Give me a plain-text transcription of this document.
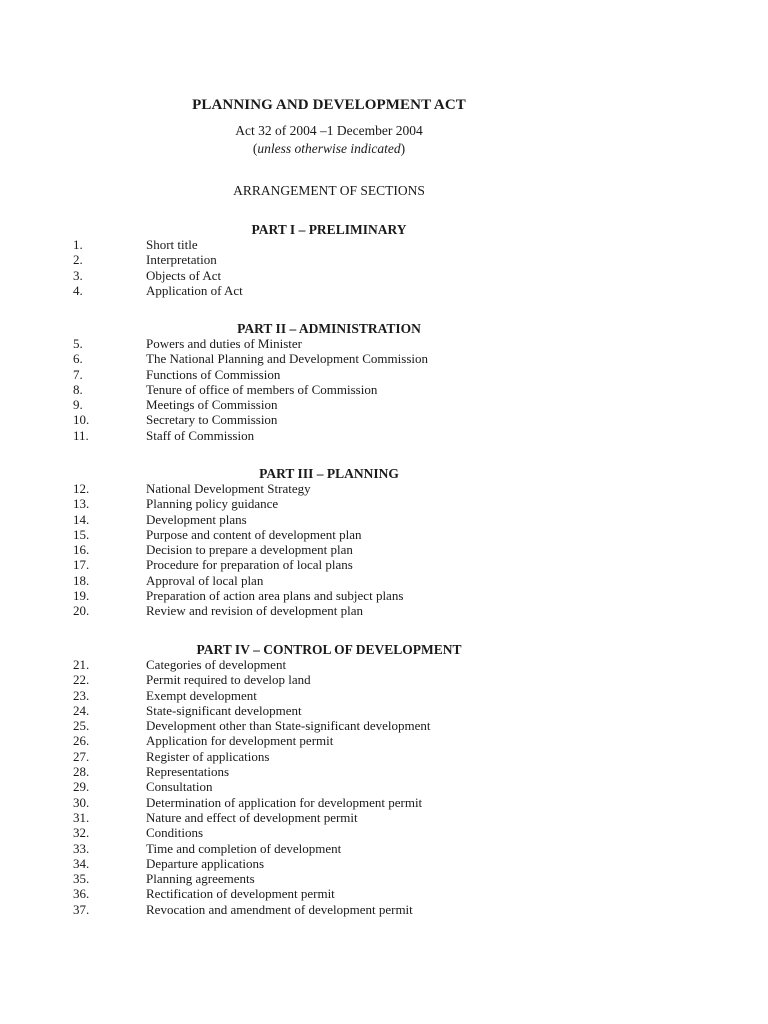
PLANNING AND DEVELOPMENT ACT
Act 32 of 2004 –1 December 2004
(unless otherwise indicated)
ARRANGEMENT OF SECTIONS
PART I – PRELIMINARY
1.	Short title
2.	Interpretation
3.	Objects of Act
4.	Application of Act
PART II – ADMINISTRATION
5.	Powers and duties of Minister
6.	The National Planning and Development Commission
7.	Functions of Commission
8.	Tenure of office of members of Commission
9.	Meetings of Commission
10.	Secretary to Commission
11.	Staff of Commission
PART III – PLANNING
12.	National Development Strategy
13.	Planning policy guidance
14.	Development plans
15.	Purpose and content of development plan
16.	Decision to prepare a development plan
17.	Procedure for preparation of local plans
18.	Approval of local plan
19.	Preparation of action area plans and subject plans
20.	Review and revision of development plan
PART IV – CONTROL OF DEVELOPMENT
21.	Categories of development
22.	Permit required to develop land
23.	Exempt development
24.	State-significant development
25.	Development other than State-significant development
26.	Application for development permit
27.	Register of applications
28.	Representations
29.	Consultation
30.	Determination of application for development permit
31.	Nature and effect of development permit
32.	Conditions
33.	Time and completion of development
34.	Departure applications
35.	Planning agreements
36.	Rectification of development permit
37.	Revocation and amendment of development permit
